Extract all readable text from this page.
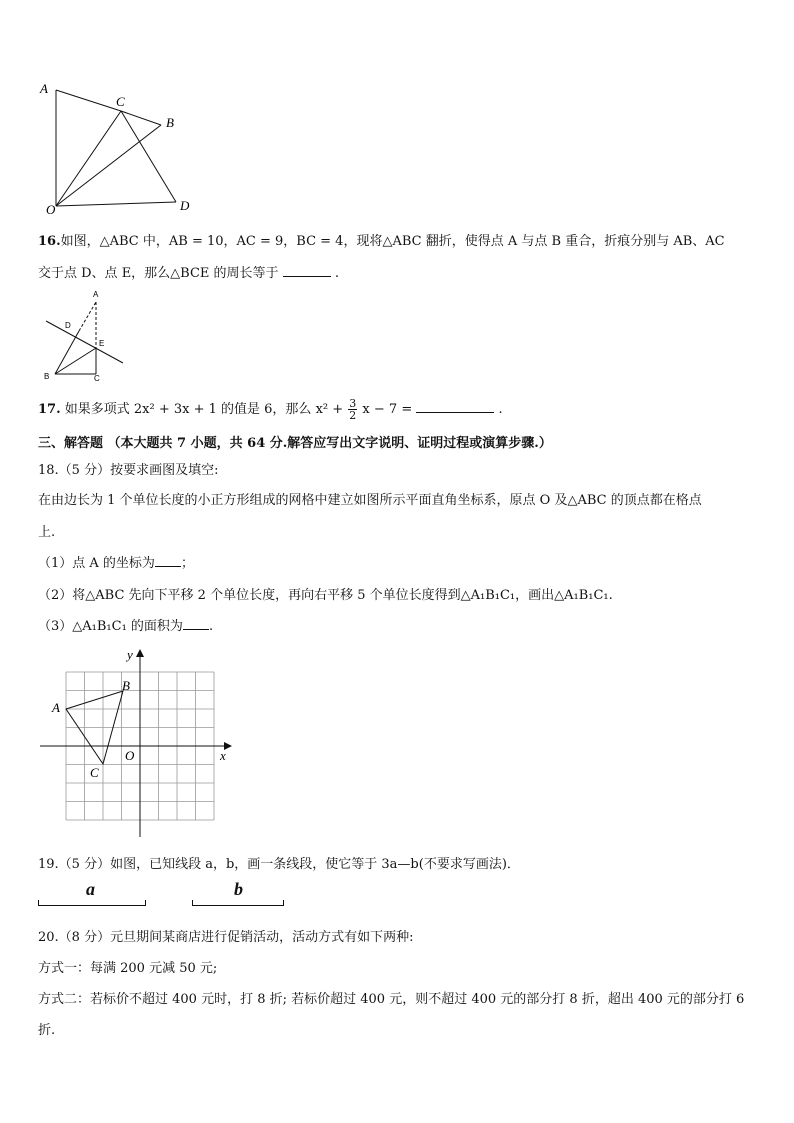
A
C
B
O	D
16.如图，△ABC 中，AB = 10，AC = 9，BC = 4，现将△ABC 翻折，使得点 A 与点 B 重合，折痕分别与 AB、AC
交于点 D、点 E，那么△BCE 的周长等于	.
A
D
E
B	C
17. 如果多项式 2x² + 3x + 1 的值是 6，那么 $x^2 + \frac{3}{2}$ x − 7 =	.
三、解答题 （本大题共 7 小题，共 64 分.解答应写出文字说明、证明过程或演算步骤.）
18.（5 分）按要求画图及填空:
在由边长为 1 个单位长度的小正方形组成的网格中建立如图所示平面直角坐标系，原点 O 及△ABC 的顶点都在格点
上.
（1）点 A 的坐标为 ；
（2）将△ABC 先向下平移 2 个单位长度，再向右平移 5 个单位长度得到△A₁B₁C₁，画出△A₁B₁C₁.
（3）△A₁B₁C₁ 的面积为 .
y
x
O
A
B
C
19.（5 分）如图，已知线段 a，b，画一条线段，使它等于 3a—b(不要求写画法)．
a	b
20.（8 分）元旦期间某商店进行促销活动，活动方式有如下两种:
方式一：每满 200 元减 50 元;
方式二：若标价不超过 400 元时，打 8 折; 若标价超过 400 元，则不超过 400 元的部分打 8 折，超出 400 元的部分打 6
折.
